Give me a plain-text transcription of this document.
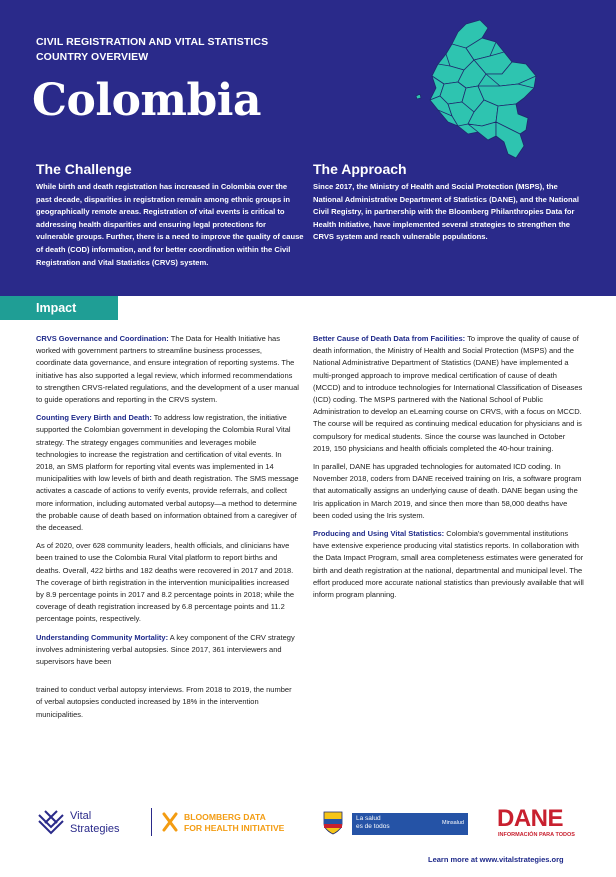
CIVIL REGISTRATION AND VITAL STATISTICS
COUNTRY OVERVIEW
Colombia
The Challenge
While birth and death registration has increased in Colombia over the past decade, disparities in registration remain among ethnic groups in geographically remote areas. Registration of vital events is critical to addressing health disparities and ensuring legal protections for vulnerable groups. Further, there is a need to improve the quality of cause of death (COD) information, and for better coordination within the Civil Registration and Vital Statistics (CRVS) system.
The Approach
Since 2017, the Ministry of Health and Social Protection (MSPS), the National Administrative Department of Statistics (DANE), and the National Civil Registry, in partnership with the Bloomberg Philanthropies Data for Health Initiative, have implemented several strategies to strengthen the CRVS system and reach vulnerable populations.
Impact

CRVS Governance and Coordination: The Data for Health Initiative has worked with government partners to streamline business processes, coordinate data governance, and ensure integration of reporting systems. The initiative has also supported a legal review, which informed recommendations to strengthen CRVS-related regulations, and the development of a user manual to guide operations and reporting in the CRVS system.

Counting Every Birth and Death: To address low registration, the initiative supported the Colombian government in developing the Colombia Rural Vital strategy. The strategy engages communities and leverages mobile technologies to increase the registration and certification of vital events. In 2018, an SMS platform for reporting vital events was implemented in 14 municipalities with low levels of birth and death registration. The SMS message activates a cascade of actions to verify events, provide referrals, and collect more information, including automated verbal autopsy—a method to determine the probable cause of death based on information obtained from a caregiver of the deceased.

As of 2020, over 628 community leaders, health officials, and clinicians have been trained to use the Colombia Rural Vital platform to report births and deaths. Overall, 422 births and 182 deaths were recovered in 2017 and 2018. The coverage of birth registration in the intervention municipalities increased by 8.9 percentage points in 2017 and 8.2 percentage points in 2018; while the coverage of death registration increased by 6.8 percentage points and 11.2 percentage points, respectively.

Understanding Community Mortality: A key component of the CRV strategy involves administering verbal autopsies. Since 2017, 361 interviewers and supervisors have been

trained to conduct verbal autopsy interviews. From 2018 to 2019, the number of verbal autopsies conducted increased by 18% in the intervention municipalities.

Better Cause of Death Data from Facilities: To improve the quality of cause of death information, the Ministry of Health and Social Protection (MSPS) and the National Administrative Department of Statistics (DANE) have implemented a multi-pronged approach to improve medical certification of cause of death (MCCD) and to introduce technologies for International Classification of Diseases (ICD) coding. The MSPS partnered with the National School of Public Administration to develop an eLearning course on CRVS, with a focus on MCCD. The course will be required as continuing medical education for physicians and is compulsory for medical students. Since the course was launched in October 2019, 150 physicians and health officials completed the 40-hour training.

In parallel, DANE has upgraded technologies for automated ICD coding. In November 2018, coders from DANE received training on Iris, a software program that automatically assigns an underlying cause of death. DANE began using the Iris application in March 2019, and since then more than 58,000 deaths have been coded using the Iris system.

Producing and Using Vital Statistics: Colombia's governmental institutions have extensive experience producing vital statistics reports. In collaboration with the Data Impact Program, small area completeness estimates were generated for birth and death registration at the national, departmental and municipal level. The effort produced more accurate national statistics than previously available that will inform program planning.

Vital
Strategies
BLOOMBERG DATA
FOR HEALTH INITIATIVE
La salud
es de todos	Minsalud DANE
INFORMACIÓN PARA TODOS
Learn more at www.vitalstrategies.org
